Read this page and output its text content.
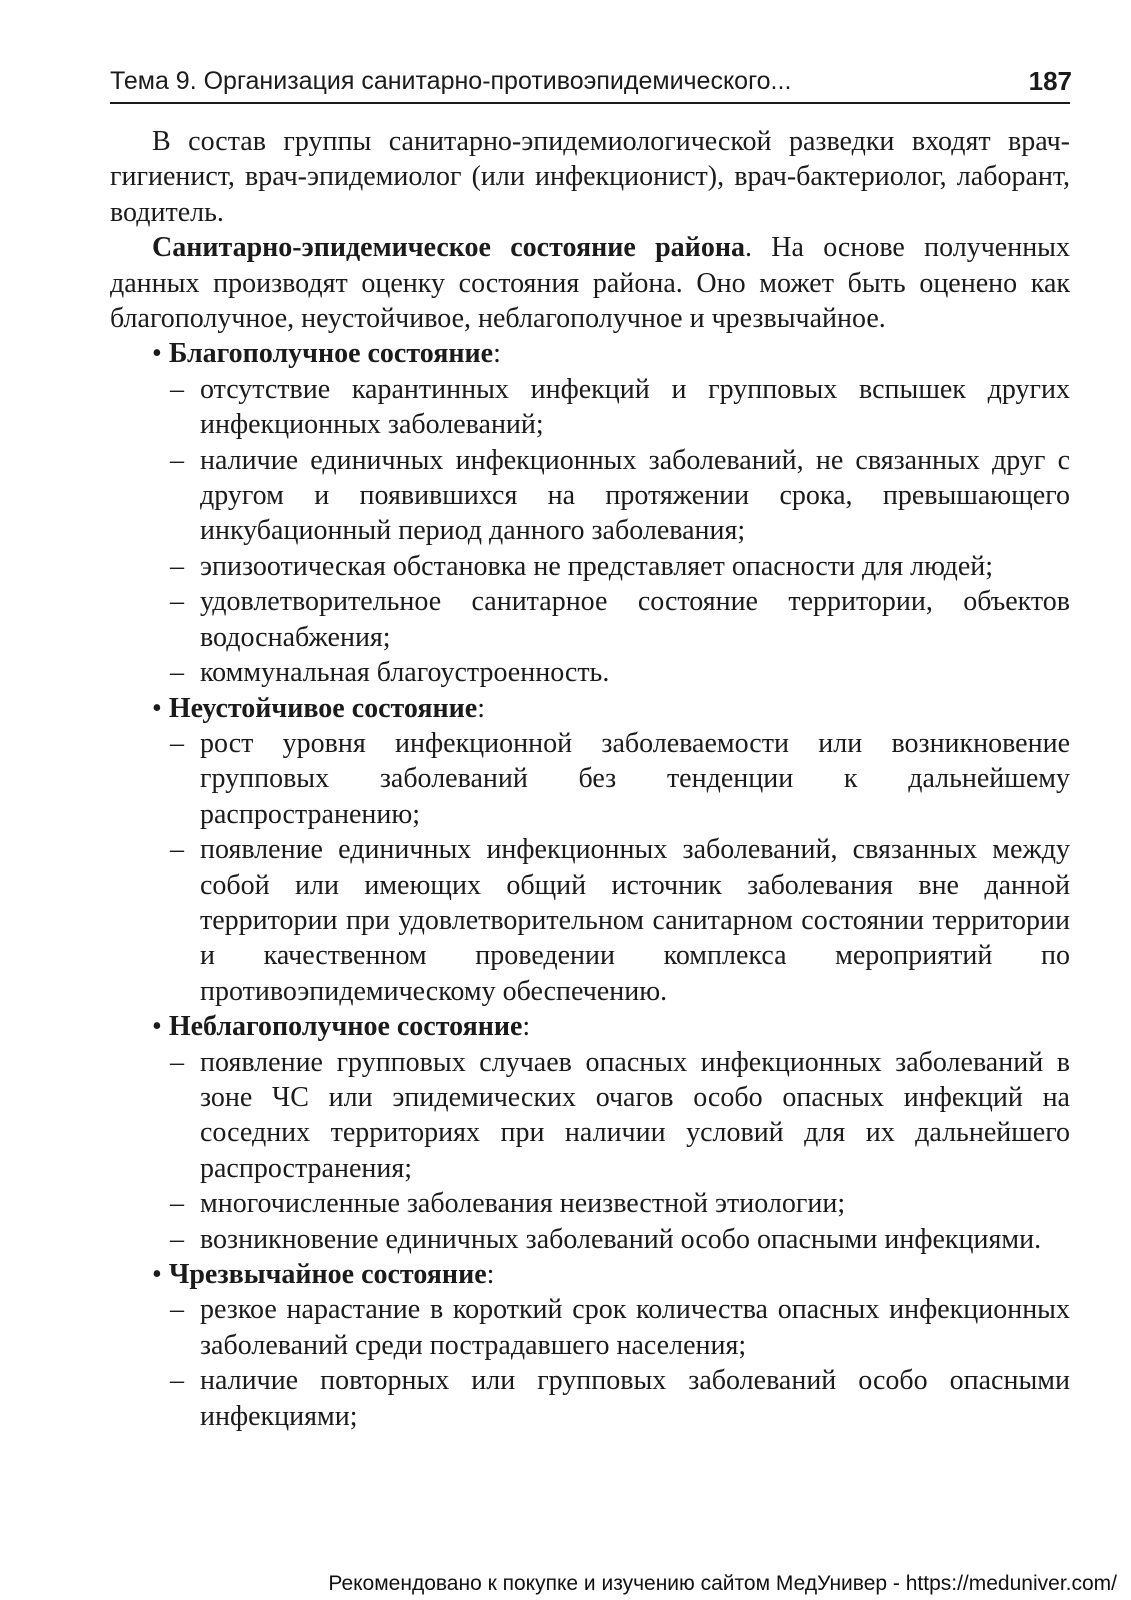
Тема 9. Организация санитарно-противоэпидемического...	187

В состав группы санитарно-эпидемиологической разведки входят врач-гигиенист, врач-эпидемиолог (или инфекционист), врач-бактериолог, лаборант, водитель.

Санитарно-эпидемическое состояние района. На основе полученных данных производят оценку состояния района. Оно может быть оценено как благополучное, неустойчивое, неблагополучное и чрезвычайное.

• Благополучное состояние:

– отсутствие карантинных инфекций и групповых вспышек других инфекционных заболеваний;

– наличие единичных инфекционных заболеваний, не связанных друг с другом и появившихся на протяжении срока, превышающего инкубационный период данного заболевания;

– эпизоотическая обстановка не представляет опасности для людей;

– удовлетворительное санитарное состояние территории, объектов водоснабжения;

– коммунальная благоустроенность.

• Неустойчивое состояние:

– рост уровня инфекционной заболеваемости или возникновение групповых заболеваний без тенденции к дальнейшему распространению;

– появление единичных инфекционных заболеваний, связанных между собой или имеющих общий источник заболевания вне данной территории при удовлетворительном санитарном состоянии территории и качественном проведении комплекса мероприятий по противоэпидемическому обеспечению.

• Неблагополучное состояние:

– появление групповых случаев опасных инфекционных заболеваний в зоне ЧС или эпидемических очагов особо опасных инфекций на соседних территориях при наличии условий для их дальнейшего распространения;

– многочисленные заболевания неизвестной этиологии;

– возникновение единичных заболеваний особо опасными инфекциями.

• Чрезвычайное состояние:

– резкое нарастание в короткий срок количества опасных инфекционных заболеваний среди пострадавшего населения;

– наличие повторных или групповых заболеваний особо опасными инфекциями;

Рекомендовано к покупке и изучению сайтом МедУнивер - https://meduniver.com/
